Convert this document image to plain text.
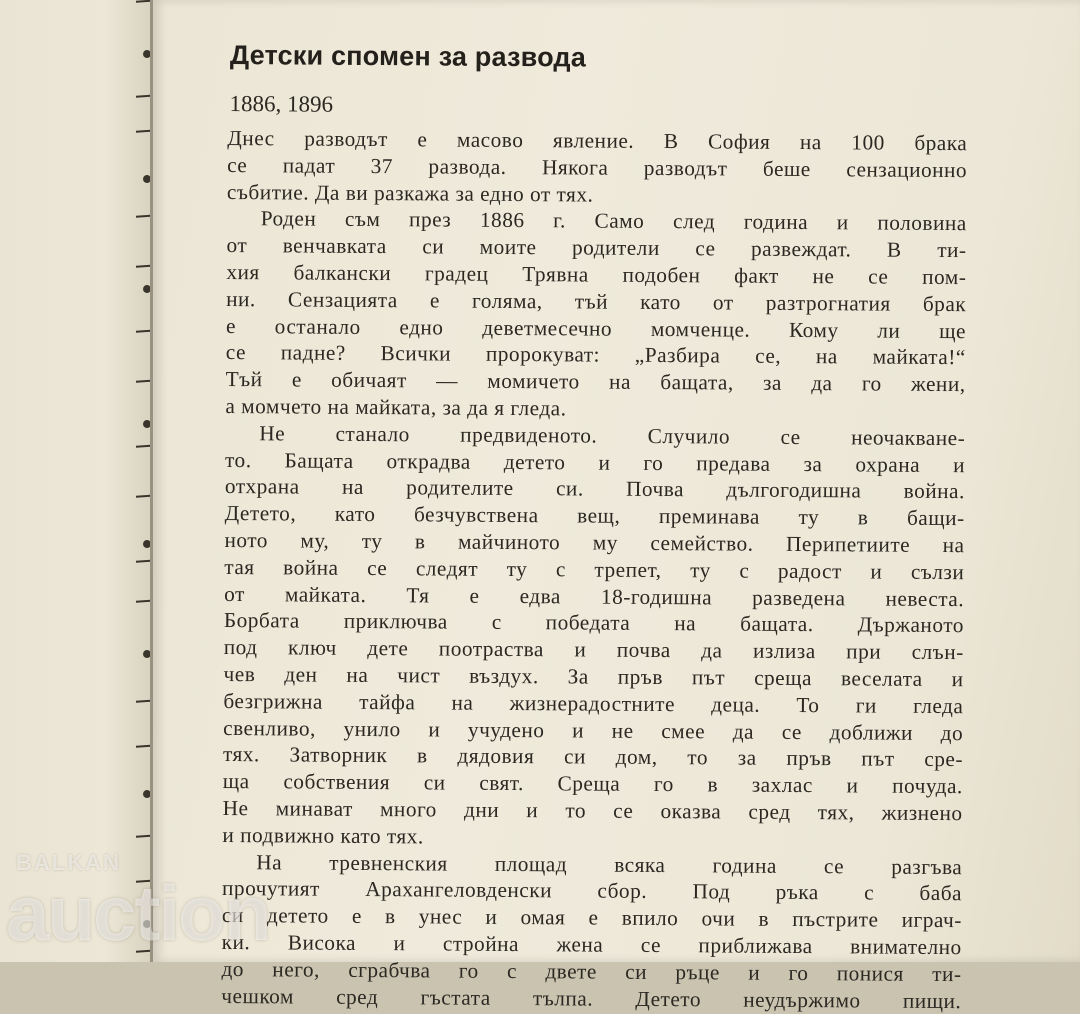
Детски спомен за развода
1886, 1896
Днес разводът е масово явление. В София на 100 брака
се падат 37 развода. Някога разводът беше сензационно
събитие. Да ви разкажа за едно от тях.
Роден съм през 1886 г. Само след година и половина
от венчавката си моите родители се развеждат. В ти-
хия балкански градец Трявна подобен факт не се пом-
ни. Сензацията е голяма, тъй като от разтрогнатия брак
е останало едно деветмесечно момченце. Кому ли ще
се падне? Всички пророкуват: „Разбира се, на майката!“
Тъй е обичаят — момичето на бащата, за да го жени,
а момчето на майката, за да я гледа.
Не станало предвиденото. Случило се неочакване-
то. Бащата открадва детето и го предава за охрана и
отхрана на родителите си. Почва дългогодишна война.
Детето, като безчувствена вещ, преминава ту в бащи-
ното му, ту в майчиното му семейство. Перипетиите на
тая война се следят ту с трепет, ту с радост и сълзи
от майката. Тя е едва 18-годишна разведена невеста.
Борбата приключва с победата на бащата. Държаното
под ключ дете поотраства и почва да излиза при слън-
чев ден на чист въздух. За пръв път среща веселата и
безгрижна тайфа на жизнерадостните деца. То ги гледа
свенливо, унило и учудено и не смее да се доближи до
тях. Затворник в дядовия си дом, то за пръв път сре-
ща собствения си свят. Среща го в захлас и почуда.
Не минават много дни и то се оказва сред тях, жизнено
и подвижно като тях.
На тревненския площад всяка година се разгъва
прочутият Арахангеловденски сбор. Под ръка с баба
си детето е в унес и омая е впило очи в пъстрите играч-
ки. Висока и стройна жена се приближава внимателно
до него, сграбчва го с двете си ръце и го понися ти-
чешком сред гъстата тълпа. Детето неудържимо пищи.
BALKAN
auction
